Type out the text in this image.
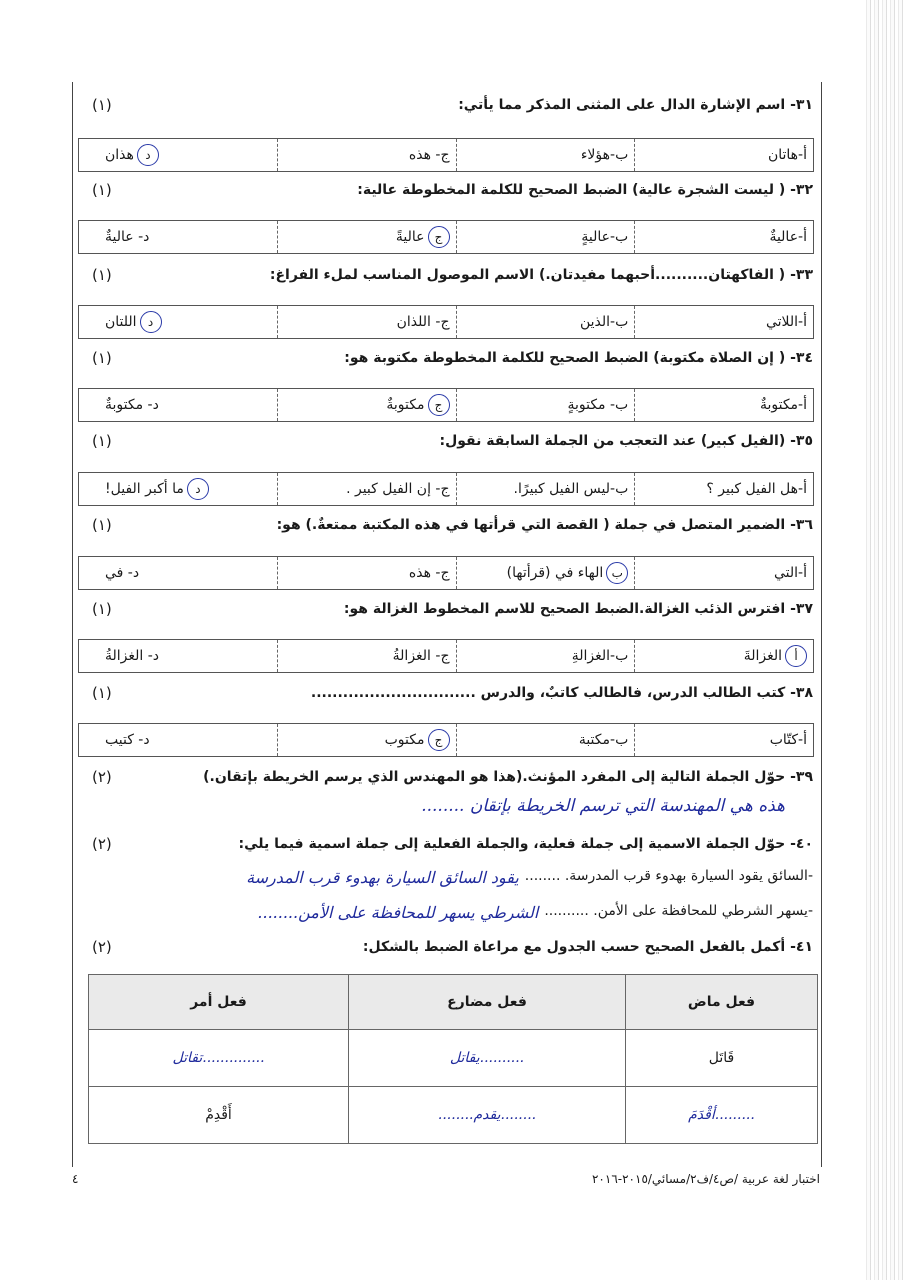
٣١- اسم الإشارة الدال على المثنى المذكر مما يأتي:
(١)
أ-هاتان
ب-هؤلاء
ج- هذه
د
هذان
٣٢- ( ليست الشجرة عالية) الضبط الصحيح للكلمة المخطوطة عالية:
(١)
أ-عاليةٌ
ب-عاليةٍ
ج
عاليةً
د- عاليةٌ
٣٣- ( الفاكهتان..........أحبهما مفيدتان.) الاسم الموصول المناسب لملء الفراغ:
(١)
أ-اللاتي
ب-الذين
ج- اللذان
د
اللتان
٣٤- ( إن الصلاة مكتوبة) الضبط الصحيح للكلمة المخطوطة مكتوبة هو:
(١)
أ-مكتوبةٌ
ب- مكتوبةٍ
ج
مكتوبةٌ
د- مكتوبةٌ
٣٥- (الفيل كبير) عند التعجب من الجملة السابقة نقول:
(١)
أ-هل الفيل كبير ؟
ب-ليس الفيل كبيرًا.
ج- إن الفيل كبير .
د
ما أكبر الفيل!
٣٦- الضمير المتصل في جملة ( القصة التي قرأتها في هذه المكتبة ممتعةٌ.) هو:
(١)
أ-التي
ب
الهاء في (قرأتها)
ج- هذه
د- في
٣٧- افترس الذئب الغزالة.الضبط الصحيح للاسم المخطوط الغزالة هو:
(١)
أ
الغزالةَ
ب-الغزالةِ
ج- الغزالةُ
د- الغزالةُ
٣٨- كتب الطالب الدرس، فالطالب كاتبٌ، والدرس ...............................
(١)
أ-كتّاب
ب-مكتبة
ج
مكتوب
د- كتيب
٣٩- حوّل الجملة التالية إلى المفرد المؤنث.(هذا هو المهندس الذي يرسم الخريطة بإتقان.)
(٢)
هذه هي المهندسة التي ترسم الخريطة بإتقان ........
٤٠- حوّل الجملة الاسمية إلى جملة فعلية، والجملة الفعلية إلى جملة اسمية فيما يلي:
(٢)
-السائق يقود السيارة بهدوء قرب المدرسة. ........
يقود السائق السيارة بهدوء قرب المدرسة
-يسهر الشرطي للمحافظة على الأمن. ..........
الشرطي يسهر للمحافظة على الأمن........
٤١- أكمل بالفعل الصحيح حسب الجدول مع مراعاة الضبط بالشكل:
(٢)
فعل ماض	فعل مضارع	فعل أمر
قَاتَل	..........يقاتل	..............تقاتل
.........أقْدَمَ	........يقدم........	أَقْدِمْ
اختبار لغة عربية /ص٤/ف٢/مسائي/٢٠١٥-٢٠١٦
٤
